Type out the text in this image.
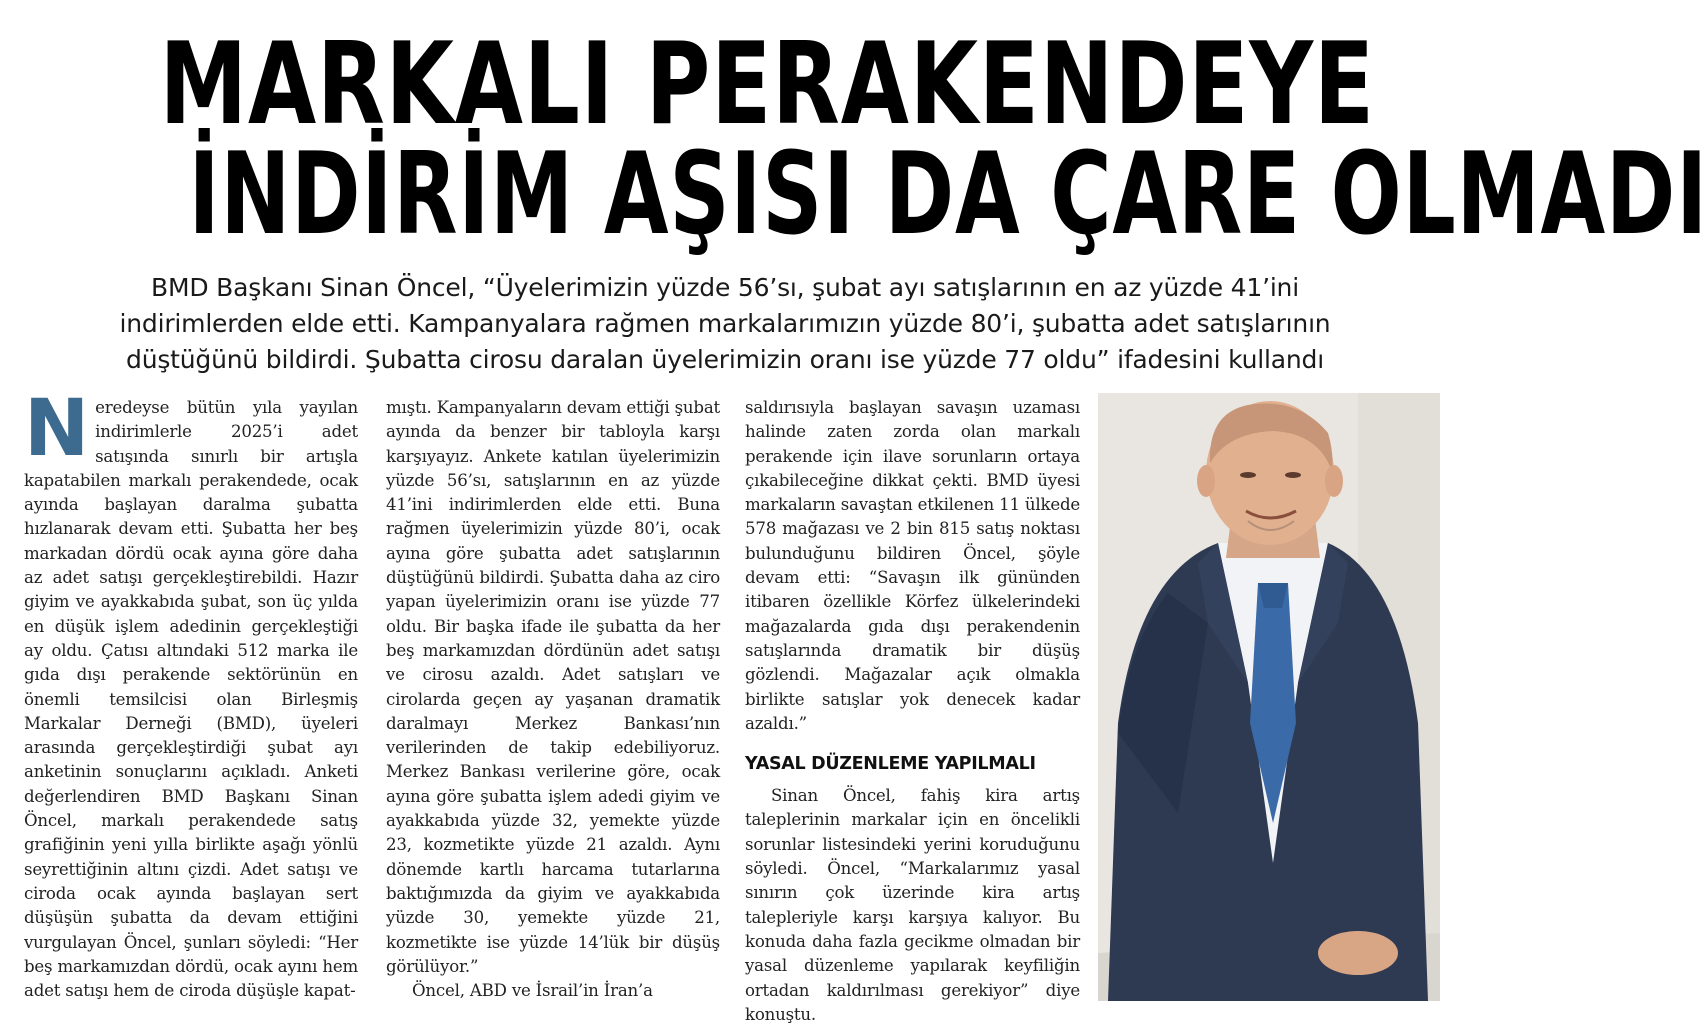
MARKALI PERAKENDEYE
İNDİRİM AŞISI DA ÇARE OLMADI
BMD Başkanı Sinan Öncel, “Üyelerimizin yüzde 56’sı, şubat ayı satışlarının en az yüzde 41’ini
indirimlerden elde etti. Kampanyalara rağmen markalarımızın yüzde 80’i, şubatta adet satışlarının
düştüğünü bildirdi. Şubatta cirosu daralan üyelerimizin oranı ise yüzde 77 oldu” ifadesini kullandı
N eredeyse bütün yıla yayılan indirimlerle 2025’i adet satışında sınırlı bir artışla kapatabilen markalı perakendede, ocak ayında başlayan daralma şubatta hızlanarak devam etti. Şubatta her beş markadan dördü ocak ayına göre daha az adet satışı gerçekleştirebildi. Hazır giyim ve ayakkabıda şubat, son üç yılda en düşük işlem adedinin gerçekleştiği ay oldu. Çatısı altındaki 512 marka ile gıda dışı perakende sektörünün en önemli temsilcisi olan Birleşmiş Markalar Derneği (BMD), üyeleri arasında gerçekleştirdiği şubat ayı anketinin sonuçlarını açıkladı. Anketi değerlendiren BMD Başkanı Sinan Öncel, markalı perakendede satış grafiğinin yeni yılla birlikte aşağı yönlü seyrettiğinin altını çizdi. Adet satışı ve ciroda ocak ayında başlayan sert düşüşün şubatta da devam ettiğini vurgulayan Öncel, şunları söyledi: “Her beş markamızdan dördü, ocak ayını hem adet satışı hem de ciroda düşüşle kapat-

mıştı. Kampanyaların devam ettiği şubat ayında da benzer bir tabloyla karşı karşıyayız. Ankete katılan üyelerimizin yüzde 56’sı, satışlarının en az yüzde 41’ini indirimlerden elde etti. Buna rağmen üyelerimizin yüzde 80’i, ocak ayına göre şubatta adet satışlarının düştüğünü bildirdi. Şubatta daha az ciro yapan üyelerimizin oranı ise yüzde 77 oldu. Bir başka ifade ile şubatta da her beş markamızdan dördünün adet satışı ve cirosu azaldı. Adet satışları ve cirolarda geçen ay yaşanan dramatik daralmayı Merkez Bankası’nın verilerinden de takip edebiliyoruz. Merkez Bankası verilerine göre, ocak ayına göre şubatta işlem adedi giyim ve ayakkabıda yüzde 32, yemekte yüzde 23, kozmetikte yüzde 21 azaldı. Aynı dönemde kartlı harcama tutarlarına baktığımızda da giyim ve ayakkabıda yüzde 30, yemekte yüzde 21, kozmetikte ise yüzde 14’lük bir düşüş görülüyor.”

Öncel, ABD ve İsrail’in İran’a

saldırısıyla başlayan savaşın uzaması halinde zaten zorda olan markalı perakende için ilave sorunların ortaya çıkabileceğine dikkat çekti. BMD üyesi markaların savaştan etkilenen 11 ülkede 578 mağazası ve 2 bin 815 satış noktası bulunduğunu bildiren Öncel, şöyle devam etti: “Savaşın ilk gününden itibaren özellikle Körfez ülkelerindeki mağazalarda gıda dışı perakendenin satışlarında dramatik bir düşüş gözlendi. Mağazalar açık olmakla birlikte satışlar yok denecek kadar azaldı.”

YASAL DÜZENLEME YAPILMALI

Sinan Öncel, fahiş kira artış taleplerinin markalar için en öncelikli sorunlar listesindeki yerini koruduğunu söyledi. Öncel, “Markalarımız yasal sınırın çok üzerinde kira artış talepleriyle karşı karşıya kalıyor. Bu konuda daha fazla gecikme olmadan bir yasal düzenleme yapılarak keyfiliğin ortadan kaldırılması gerekiyor” diye konuştu.
